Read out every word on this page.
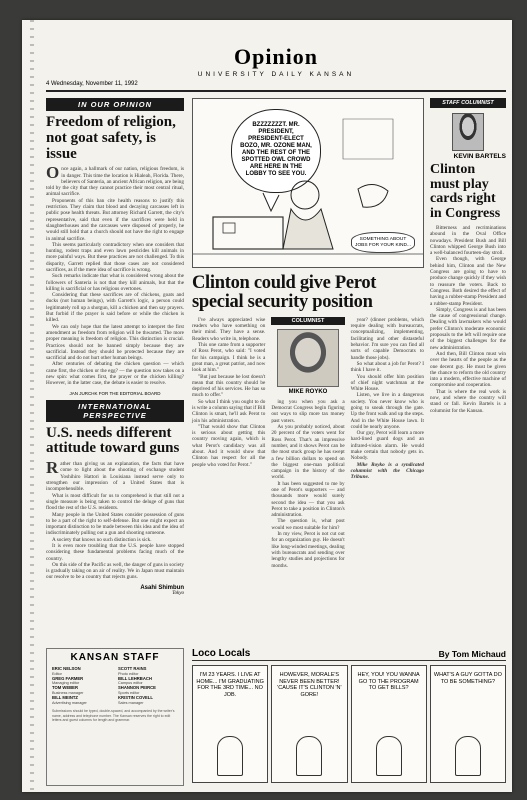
Opinion
UNIVERSITY DAILY KANSAN
4 Wednesday, November 11, 1992
IN OUR OPINION
Freedom of religion, not goat safety, is issue

Once again, a hallmark of our nation, religious freedom, is in danger. This time the location is Hialeah, Florida. There, believers of Santeria, an ancient African religion, are being told by the city that they cannot practice their most central ritual, animal sacrifice.

Proponents of this ban cite health reasons to justify this restriction. They claim that blood and decaying carcasses left in public pose health threats. But attorney Richard Garrett, the city's representative, said that even if the sacrifices were held in slaughterhouses and the carcasses were disposed of properly, he would still hold that a church should not have the right to engage in animal sacrifice.

This seems particularly contradictory when one considers that hunting, rodent traps and even lawn pesticides kill animals in more painful ways. But these practices are not challenged. To this disparity, Garrett replied that those cases are not considered sacrifices, as if the mere idea of sacrifice is wrong.

Such remarks indicate that what is considered wrong about the followers of Santeria is not that they kill animals, but that the killing is sacrificial or has religious overtones.

Considering that these sacrifices are of chickens, goats and ducks (not human beings), with Garrett's logic, a person could legitimately roll up a shotgun, kill a chicken and then say prayers. But forbid if the prayer is said before or while the chicken is killed.

We can only hope that the latest attempt to interpret the first amendment as freedom from religion will be thwarted. The more proper meaning is freedom of religion. This distinction is crucial. Practices should not be banned simply because they are sacrificial. Instead they should be protected because they are sacrificial and do not hurt other human beings.

After centuries of debating the chicken question — which came first, the chicken or the egg? — the question now takes on a new spin: what comes first, the prayer or the chicken killing? However, in the latter case, the debate is easier to resolve.

JAN JURCHK FOR THE EDITORIAL BOARD
INTERNATIONAL PERSPECTIVE
U.S. needs different attitude toward guns

Rather than giving us an explanation, the facts that have come to light about the shooting of exchange student Yoshihiro Hattori in Louisiana instead serve only to strengthen our impression of a United States that is incomprehensible.

What is most difficult for us to comprehend is that still not a single measure is being taken to control the deluge of guns that flood the rest of the U.S. residents.

Many people in the United States consider possession of guns to be a part of the right to self-defense. But one might expect an important distinction to be made between this idea and the idea of indiscriminately pulling out a gun and shooting someone.

A society that knows no such distinction is sick.

It is even more troubling that the U.S. people have stopped considering these fundamental problems facing much of the country.

On this side of the Pacific as well, the danger of guns in society is gradually taking on an air of reality. We in Japan must maintain our resolve to be a country that rejects guns.

Asahi Shimbun
Tokyo
BZZZZZZZT. MR. PRESIDENT, PRESIDENT-ELECT BOZO, MR. OZONE MAN, AND THE REST OF THE SPOTTED OWL CROWD ARE HERE IN THE LOBBY TO SEE YOU.
SOMETHING ABOUT JOBS FOR YOUR KIND...
Clinton could give Perot special security position

I've always appreciated wise readers who have something on their mind. They have a sense. Readers who write in, telephone.

This one came from a supporter of Ross Perot, who said: "I voted for his campaign. I think he is a great man, a great patriot, and now look at him."

"But just because he lost doesn't mean that this country should be deprived of his services. He has so much to offer."

So what I think you ought to do is write a column saying that if Bill Clinton is smart, he'll ask Perot to join his administration.

"That would show that Clinton is serious about getting this country moving again, which is what Perot's candidacy was all about. And it would show that Clinton has respect for all the people who voted for Perot."

COLUMNIST
MIKE ROYKO

ing you when you ask a Democrat Congress begin figuring out ways to slip more tax money past voters.

As you probably noticed, about 20 percent of the voters went for Ross Perot. That's an impressive number, and it shows Perot can be the most stuck group he has swept a few billion dollars to spend on the biggest one-man political campaign in the history of the world.

It has been suggested to me by one of Perot's supporters — and thousands more would surely second the idea — that you ask Perot to take a position in Clinton's administration.

The question is, what post would we most suitable for him?

In my view, Perot is not cut out for an organization guy. He doesn't like long-winded meetings, dealing with bureaucrats and sending over lengthy studies and projections for months.

year? (dinner problems, which require dealing with bureaucrats, conceptualizing, implementing, facilitating and other distasteful behavior. I'm sure you can find all sorts of capable Democrats to handle those jobs).

So what about a job for Perot? I think I have it.

You should offer him position of chief night watchman at the White House.

Listen, we live in a dangerous society. You never know who is going to sneak through the gate. Up the front walk and up the steps. And in the White House lawn. It could be nearly anyone.

Our guy, Perot will learn a more hard-lined guard dogs and an infrared-vision alarm. He would make certain that nobody gets in. Nobody.

Mike Royko is a syndicated columnist with the Chicago Tribune.

STAFF COLUMNIST
KEVIN BARTELS
Clinton must play cards right in Congress

Bitterness and recriminations abound in the Oval Office nowadays. President Bush and Bill Clinton whipped George Bush into a well-balanced fourteen-day stroll.

Even though, with George behind him, Clinton and the New Congress are going to have to produce change quickly if they wish to reassure the voters. Back to Congress. Both desired the effect of having a rubber-stamp President and a rubber-stamp President.

Simply, Congress is and has been the cause of congressional change. Dealing with lawmakers who would prefer Clinton's moderate economic proposals to the left will require one of the biggest challenges for the new administration.

And then, Bill Clinton must win over the hearts of the people as the one decent guy. He must be given the chance to reform the old country into a modern, effective machine of compromise and cooperation.

That is where the real work is now, and where the country will stand or fall. Kevin Bartels is a columnist for the Kansan.

KANSAN STAFF
ERIC NELSON
Editor
GREG FARMER
Managing editor
TOM WEBER
Business manager
BILL MEINTZ
Advertising manager
SCOTT RAINS
Photo editor
BILL LEHRBACH
Campus editor
SHANNON PEIRCE
Sports editor
KRISTIN COVELL
Sales manager
Submissions should be typed, double-spaced, and accompanied by the writer's name, address and telephone number. The Kansan reserves the right to edit letters and guest columns for length and grammar.
Loco Locals	By Tom Michaud
I'M 23 YEARS. I LIVE AT HOME... I'M GRADUATING FOR THE 3RD TIME... NO JOB.
HOWEVER, MORALE'S NEVER BEEN BETTER! 'CAUSE IT'S CLINTON 'N' GORE!
HEY, YOU! YOU WANNA GO TO THE PROGRAM TO GET BILLS?
WHAT'S A GUY GOTTA DO TO BE SOMETHING?
